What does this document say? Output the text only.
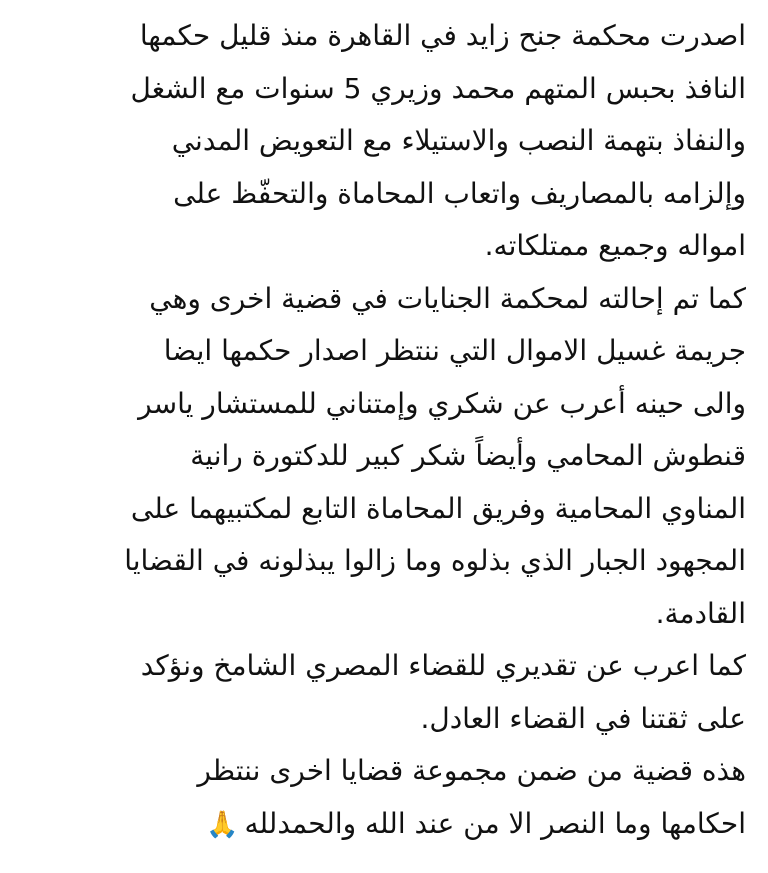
اصدرت محكمة جنح زايد في القاهرة منذ قليل حكمها
النافذ بحبس المتهم محمد وزيري 5 سنوات مع الشغل
والنفاذ بتهمة النصب والاستيلاء مع التعويض المدني
وإلزامه بالمصاريف واتعاب المحاماة والتحفّظ على
امواله وجميع ممتلكاته.
كما تم إحالته لمحكمة الجنايات في قضية اخرى وهي
جريمة غسيل الاموال التي ننتظر اصدار حكمها ايضا
والى حينه أعرب عن شكري وإمتناني للمستشار ياسر
قنطوش المحامي وأيضاً شكر كبير للدكتورة رانية
المناوي المحامية وفريق المحاماة التابع لمكتبيهما على
المجهود الجبار الذي بذلوه وما زالوا يبذلونه في القضايا
القادمة.
كما اعرب عن تقديري للقضاء المصري الشامخ ونؤكد
على ثقتنا في القضاء العادل.
هذه قضية من ضمن مجموعة قضايا اخرى ننتظر
احكامها وما النصر الا من عند الله والحمدلله🙏
